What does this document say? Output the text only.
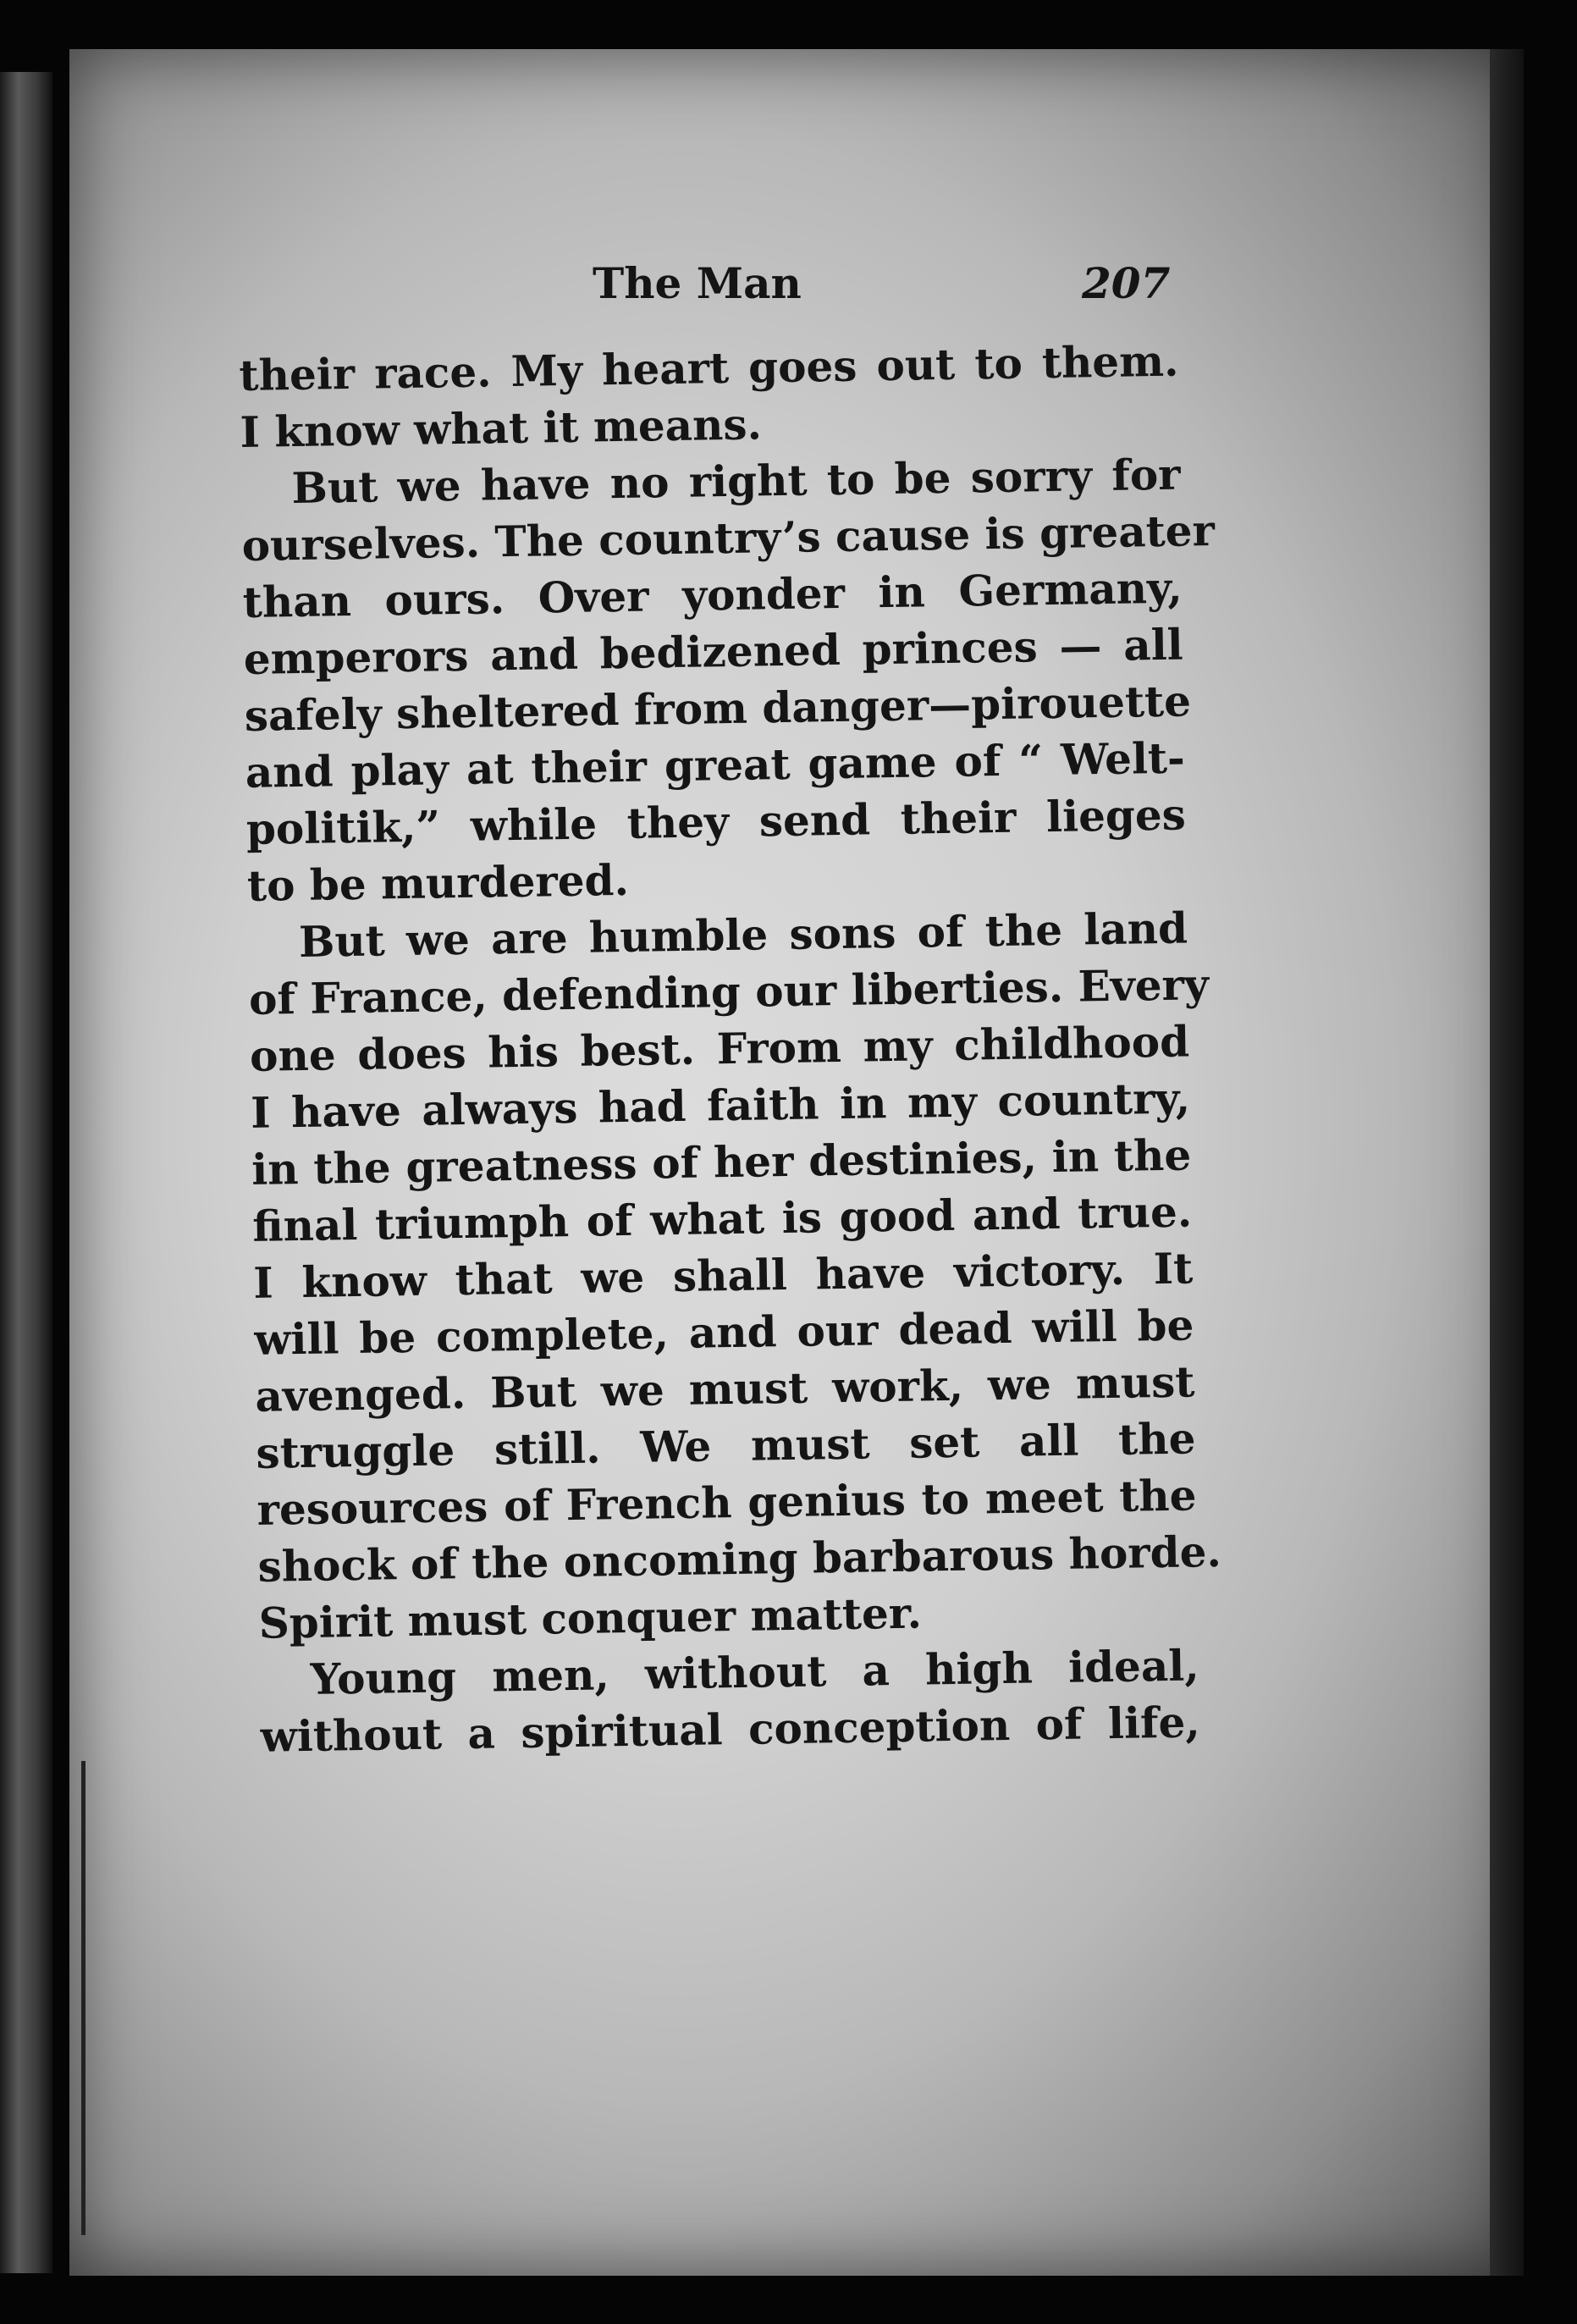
The Man	207
their race. My heart goes out to them.
I know what it means.
But we have no right to be sorry for
ourselves. The country’s cause is greater
than ours. Over yonder in Germany,
emperors and bedizened princes — all
safely sheltered from danger—pirouette
and play at their great game of “ Welt-
politik,” while they send their lieges
to be murdered.
But we are humble sons of the land
of France, defending our liberties. Every
one does his best. From my childhood
I have always had faith in my country,
in the greatness of her destinies, in the
final triumph of what is good and true.
I know that we shall have victory. It
will be complete, and our dead will be
avenged. But we must work, we must
struggle still. We must set all the
resources of French genius to meet the
shock of the oncoming barbarous horde.
Spirit must conquer matter.
Young men, without a high ideal,
without a spiritual conception of life,
